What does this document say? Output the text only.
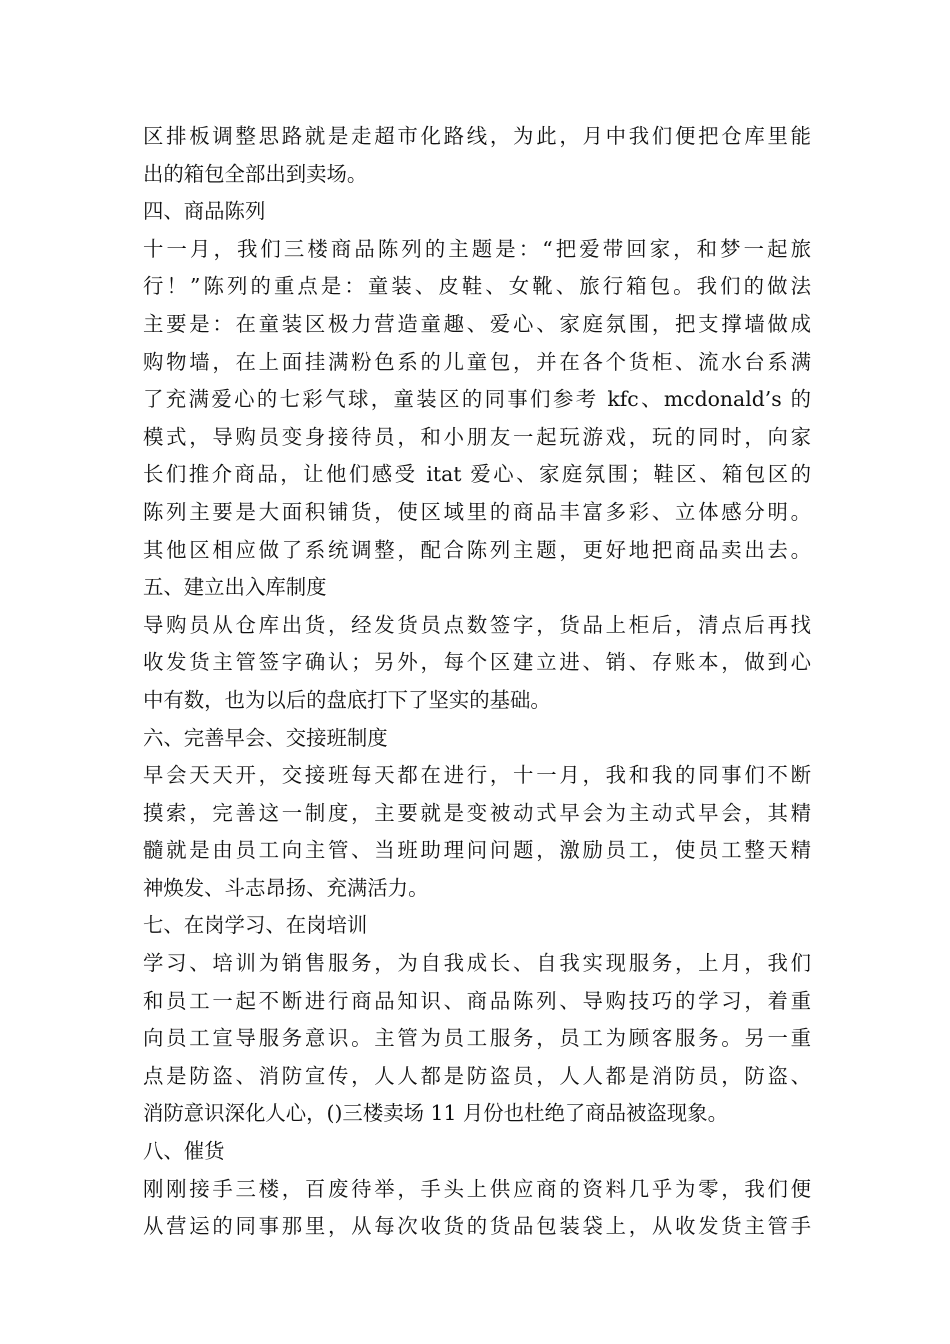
区排板调整思路就是走超市化路线，为此，月中我们便把仓库里能
出的箱包全部出到卖场。
四、商品陈列
十一月，我们三楼商品陈列的主题是：“把爱带回家，和梦一起旅
行！”陈列的重点是：童装、皮鞋、女靴、旅行箱包。我们的做法
主要是：在童装区极力营造童趣、爱心、家庭氛围，把支撑墙做成
购物墙，在上面挂满粉色系的儿童包，并在各个货柜、流水台系满
了充满爱心的七彩气球，童装区的同事们参考 kfc、mcdonald’s 的
模式，导购员变身接待员，和小朋友一起玩游戏，玩的同时，向家
长们推介商品，让他们感受 itat 爱心、家庭氛围；鞋区、箱包区的
陈列主要是大面积铺货，使区域里的商品丰富多彩、立体感分明。
其他区相应做了系统调整，配合陈列主题，更好地把商品卖出去。
五、建立出入库制度
导购员从仓库出货，经发货员点数签字，货品上柜后，清点后再找
收发货主管签字确认；另外，每个区建立进、销、存账本，做到心
中有数，也为以后的盘底打下了坚实的基础。
六、完善早会、交接班制度
早会天天开，交接班每天都在进行，十一月，我和我的同事们不断
摸索，完善这一制度，主要就是变被动式早会为主动式早会，其精
髓就是由员工向主管、当班助理问问题，激励员工，使员工整天精
神焕发、斗志昂扬、充满活力。
七、在岗学习、在岗培训
学习、培训为销售服务，为自我成长、自我实现服务，上月，我们
和员工一起不断进行商品知识、商品陈列、导购技巧的学习，着重
向员工宣导服务意识。主管为员工服务，员工为顾客服务。另一重
点是防盗、消防宣传，人人都是防盗员，人人都是消防员，防盗、
消防意识深化人心，()三楼卖场 11 月份也杜绝了商品被盗现象。
八、催货
刚刚接手三楼，百废待举，手头上供应商的资料几乎为零，我们便
从营运的同事那里，从每次收货的货品包装袋上，从收发货主管手
